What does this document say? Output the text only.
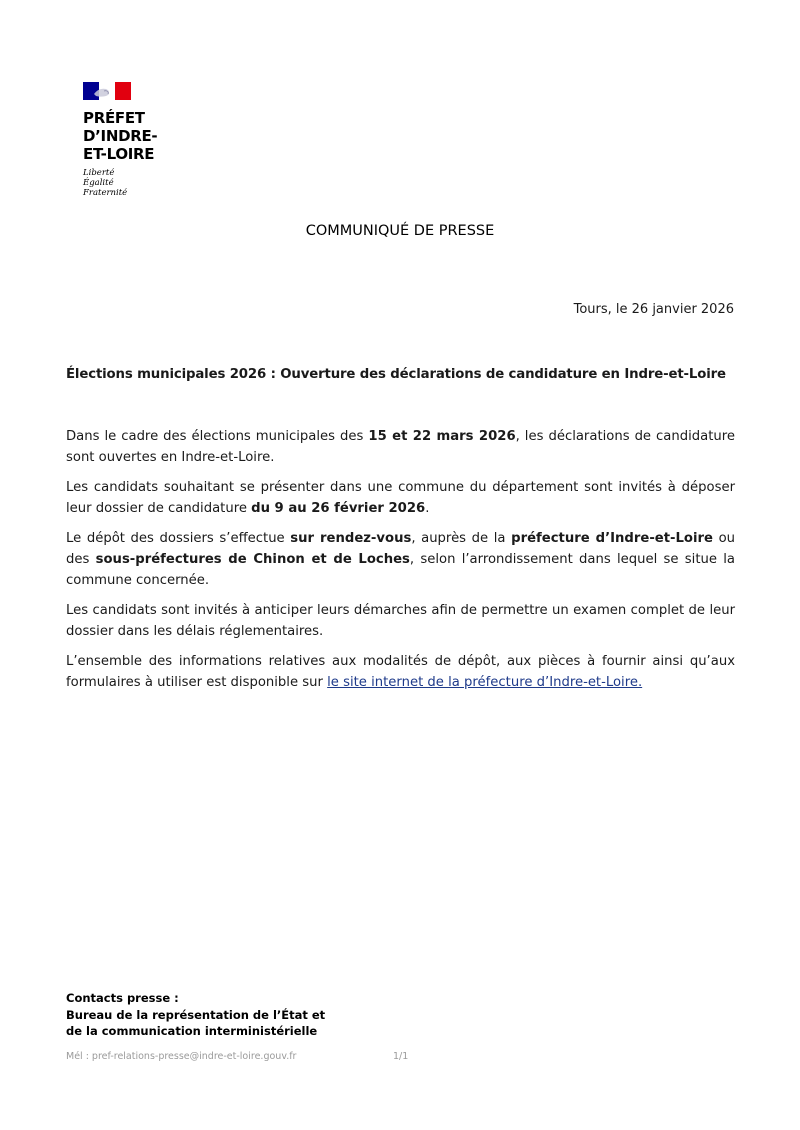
PRÉFET
D’INDRE-
ET-LOIRE
Liberté
Égalité
Fraternité
COMMUNIQUÉ DE PRESSE
Tours, le 26 janvier 2026
Élections municipales 2026 : Ouverture des déclarations de candidature en Indre-et-Loire

Dans le cadre des élections municipales des 15 et 22 mars 2026, les déclarations de candidature sont ouvertes en Indre-et-Loire.

Les candidats souhaitant se présenter dans une commune du département sont invités à déposer leur dossier de candidature du 9 au 26 février 2026.

Le dépôt des dossiers s’effectue sur rendez-vous, auprès de la préfecture d’Indre-et-Loire ou des sous-préfectures de Chinon et de Loches, selon l’arrondissement dans lequel se situe la commune concernée.

Les candidats sont invités à anticiper leurs démarches afin de permettre un examen complet de leur dossier dans les délais réglementaires.

L’ensemble des informations relatives aux modalités de dépôt, aux pièces à fournir ainsi qu’aux formulaires à utiliser est disponible sur le site internet de la préfecture d’Indre-et-Loire.

Contacts presse :
Bureau de la représentation de l’État et
de la communication interministérielle
Mél : pref-relations-presse@indre-et-loire.gouv.fr	1/1
